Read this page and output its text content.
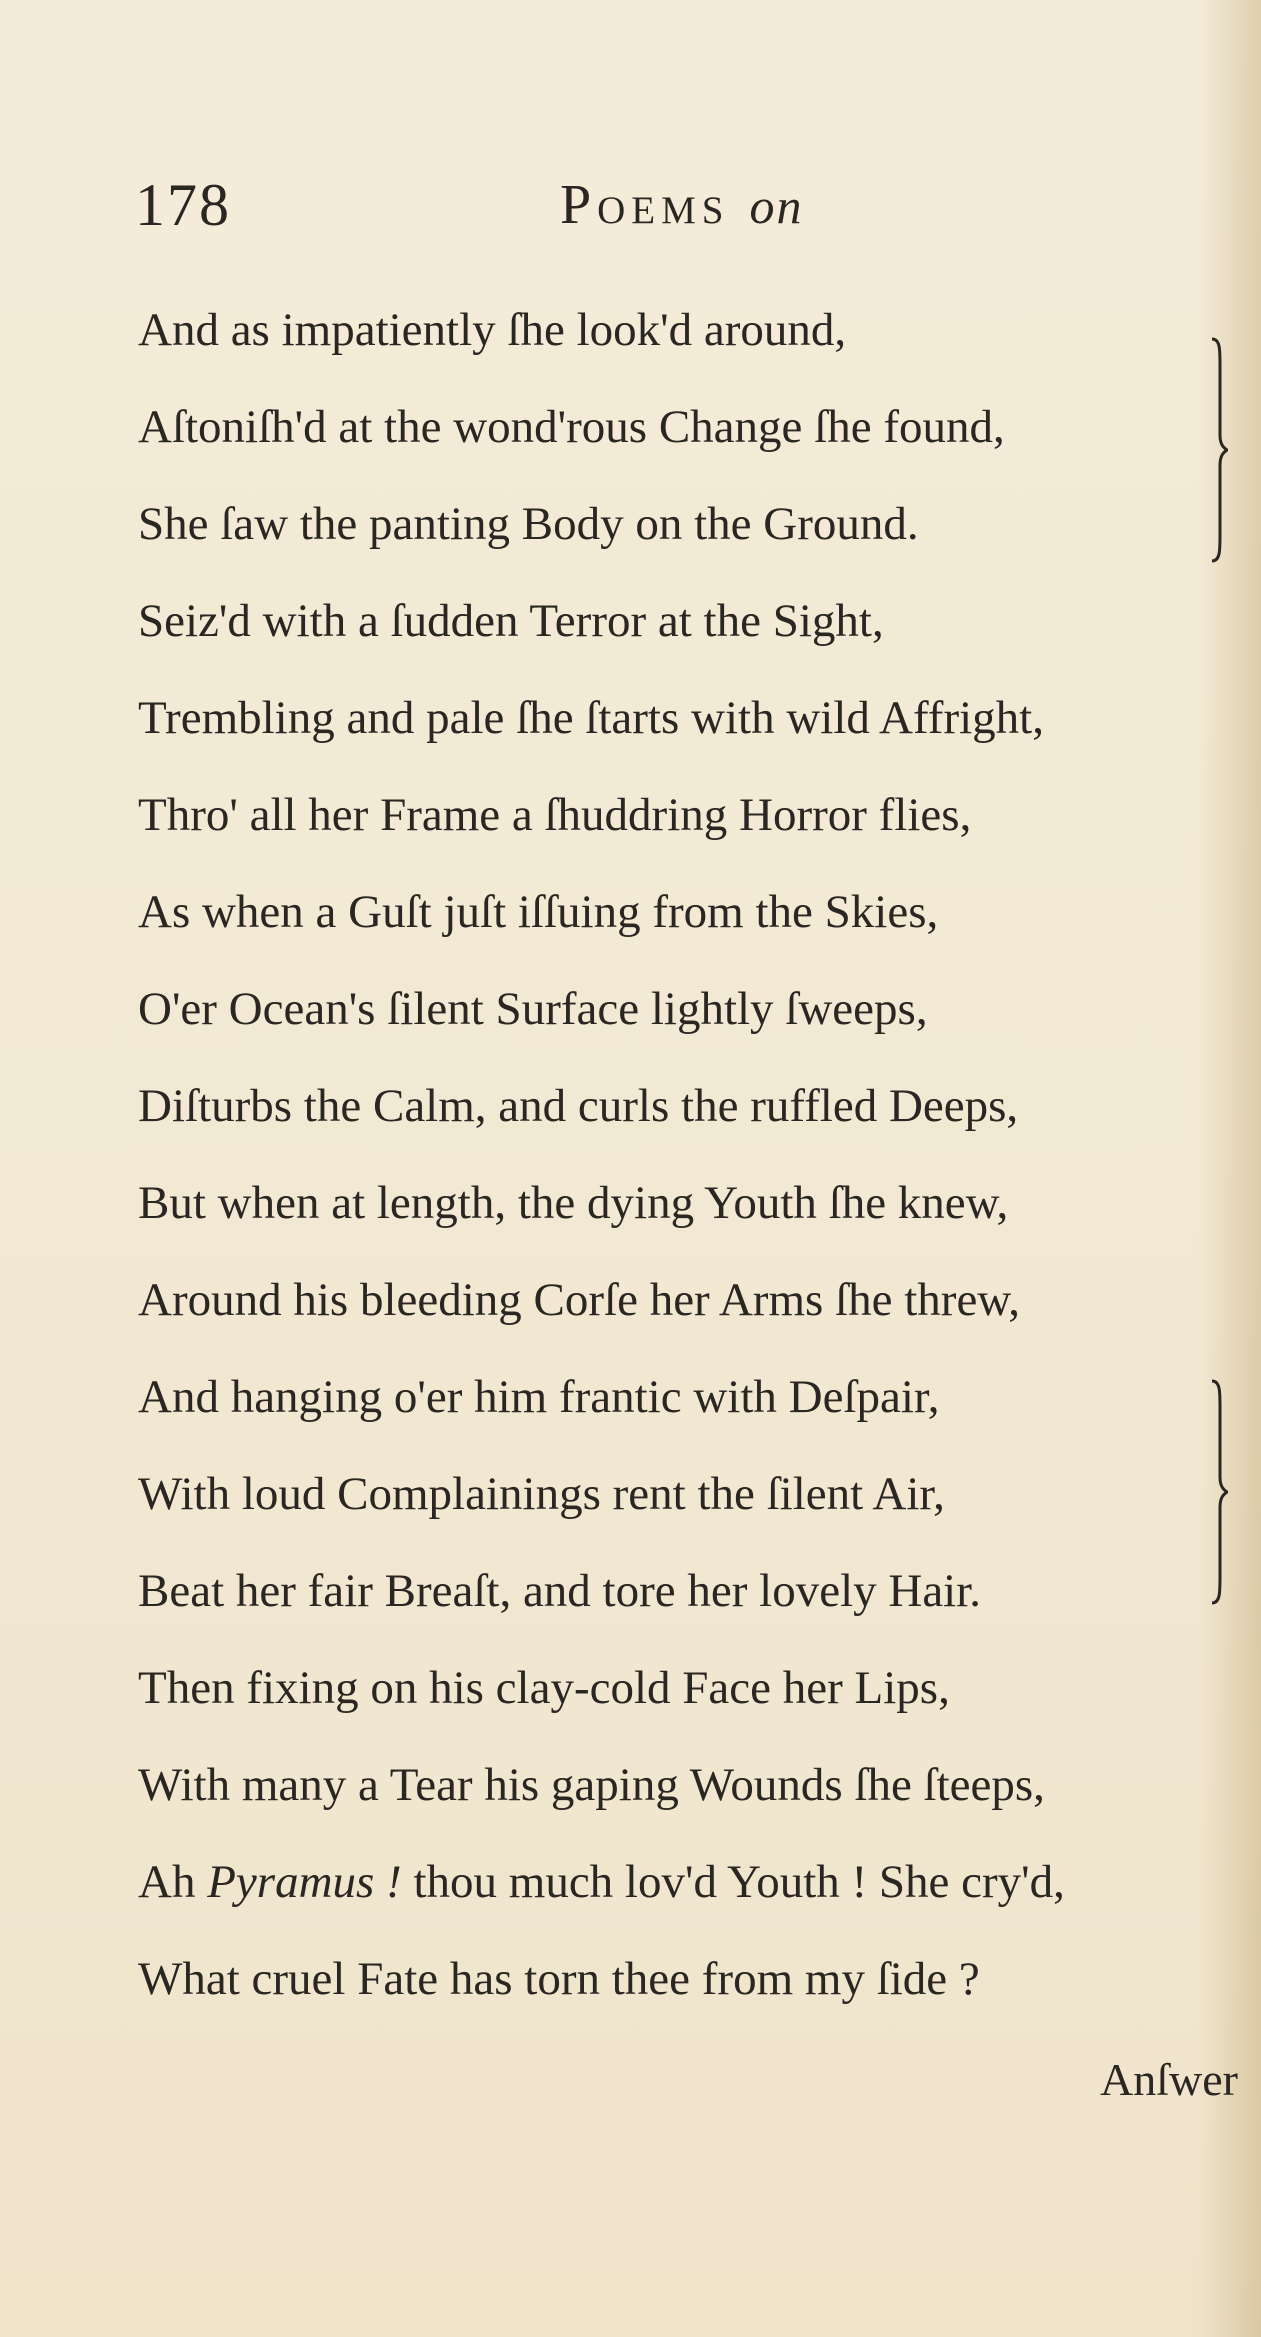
178	Poems on
And as impatiently ſhe look'd around,
Aſtoniſh'd at the wond'rous Change ſhe found,
She ſaw the panting Body on the Ground.
Seiz'd with a ſudden Terror at the Sight,
Trembling and pale ſhe ſtarts with wild Affright,
Thro' all her Frame a ſhuddring Horror flies,
As when a Guſt juſt iſſuing from the Skies,
O'er Ocean's ſilent Surface lightly ſweeps,
Diſturbs the Calm, and curls the ruffled Deeps,
But when at length, the dying Youth ſhe knew,
Around his bleeding Corſe her Arms ſhe threw,
And hanging o'er him frantic with Deſpair,
With loud Complainings rent the ſilent Air,
Beat her fair Breaſt, and tore her lovely Hair.
Then fixing on his clay-cold Face her Lips,
With many a Tear his gaping Wounds ſhe ſteeps,
Ah Pyramus ! thou much lov'd Youth ! She cry'd,
What cruel Fate has torn thee from my ſide ?
Anſwer
